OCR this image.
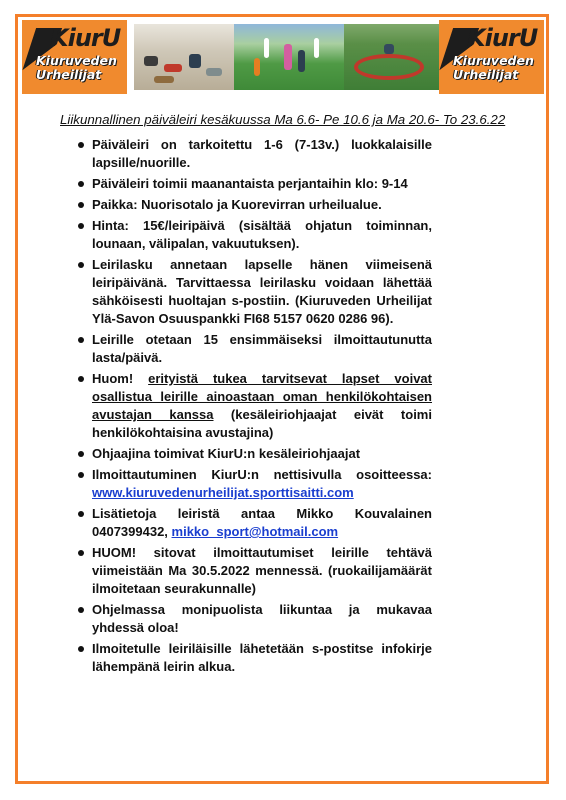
KiurU
Kiuruveden
Urheilijat
KiurU
Kiuruveden
Urheilijat
Liikunnallinen päiväleiri kesäkuussa Ma 6.6- Pe 10.6 ja Ma 20.6- To 23.6.22
Päiväleiri on tarkoitettu 1-6 (7-13v.) luokkalaisille lapsille/nuorille.
Päiväleiri toimii maanantaista perjantaihin klo: 9-14
Paikka: Nuorisotalo ja Kuorevirran urheilualue.
Hinta: 15€/leiripäivä (sisältää ohjatun toiminnan, lounaan, välipalan, vakuutuksen).
Leirilasku annetaan lapselle hänen viimeisenä leiripäivänä. Tarvittaessa leirilasku voidaan lähettää sähköisesti huoltajan s-postiin. (Kiuruveden Urheilijat Ylä-Savon Osuuspankki FI68 5157 0620 0286 96).
Leirille otetaan 15 ensimmäiseksi ilmoittautunutta lasta/päivä.
Huom! erityistä tukea tarvitsevat lapset voivat osallistua leirille ainoastaan oman henkilökohtaisen avustajan kanssa (kesäleiriohjaajat eivät toimi henkilökohtaisina avustajina)
Ohjaajina toimivat KiurU:n kesäleiriohjaajat
Ilmoittautuminen KiurU:n nettisivulla osoitteessa: www.kiuruvedenurheilijat.sporttisaitti.com
Lisätietoja leiristä antaa Mikko Kouvalainen 0407399432, mikko_sport@hotmail.com
HUOM! sitovat ilmoittautumiset leirille tehtävä viimeistään Ma 30.5.2022 mennessä. (ruokailijamäärät ilmoitetaan seurakunnalle)
Ohjelmassa monipuolista liikuntaa ja mukavaa yhdessä oloa!
Ilmoitetulle leiriläisille lähetetään s-postitse infokirje lähempänä leirin alkua.
